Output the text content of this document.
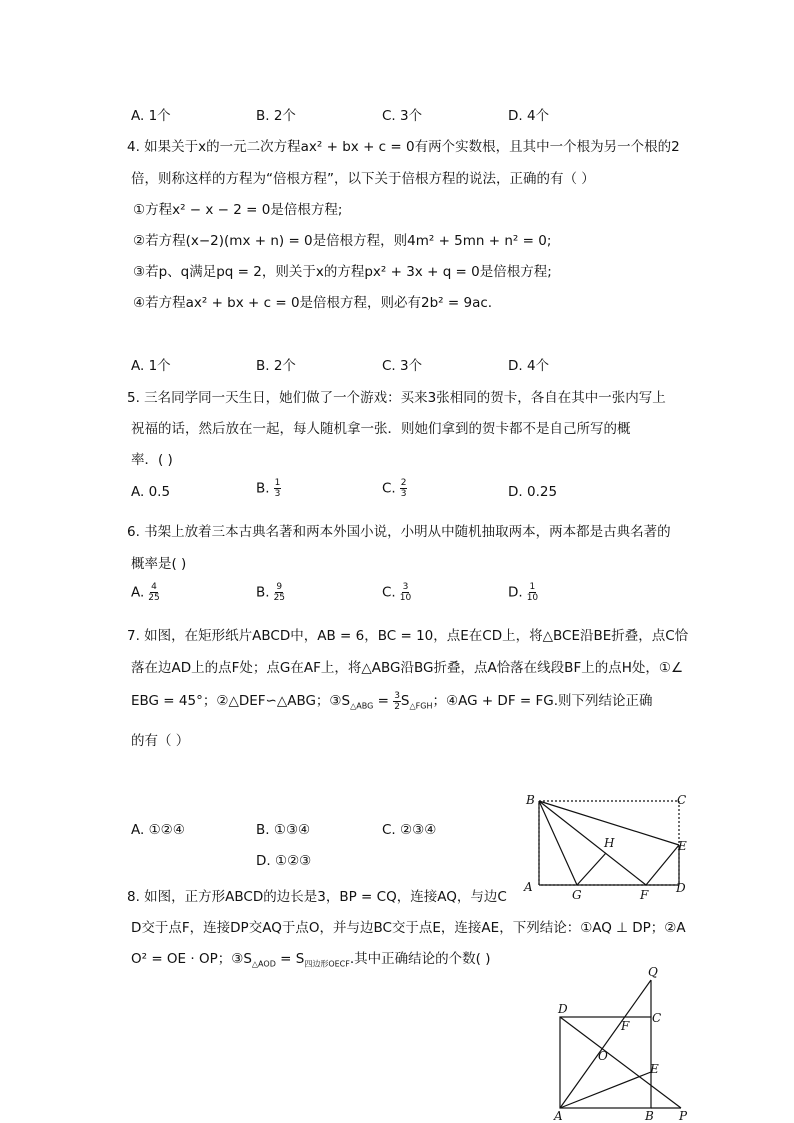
A. 1个	B. 2个	C. 3个	D. 4个
4. 如果关于x的一元二次方程ax² + bx + c = 0有两个实数根，且其中一个根为另一个根的2
倍，则称这样的方程为“倍根方程”，以下关于倍根方程的说法，正确的有（ ）
①方程x² − x − 2 = 0是倍根方程;
②若方程(x−2)(mx + n) = 0是倍根方程，则4m² + 5mn + n² = 0;
③若p、q满足pq = 2，则关于x的方程px² + 3x + q = 0是倍根方程;
④若方程ax² + bx + c = 0是倍根方程，则必有2b² = 9ac.
A. 1个	B. 2个	C. 3个	D. 4个
5. 三名同学同一天生日，她们做了一个游戏：买来3张相同的贺卡，各自在其中一张内写上
祝福的话，然后放在一起，每人随机拿一张．则她们拿到的贺卡都不是自己所写的概
率．( )
A. 0.5	B. $\frac{1}{3}$	C. $\frac{2}{3}$	D. 0.25
6. 书架上放着三本古典名著和两本外国小说，小明从中随机抽取两本，两本都是古典名著的
概率是( )
A. $\frac{4}{25}$	B. $\frac{9}{25}$	C. $\frac{3}{10}$	D. $\frac{1}{10}$
7. 如图，在矩形纸片ABCD中，AB = 6，BC = 10，点E在CD上，将△BCE沿BE折叠，点C恰
落在边AD上的点F处；点G在AF上，将△ABG沿BG折叠，点A恰落在线段BF上的点H处，①∠
EBG = 45°；②△DEF∽△ABG；$③S_{\triangle ABG} = \frac{3}{2} S_{\triangle FGH}$；④AG + DF = FG.则下列结论正确
的有（ ）
A. ①②④	B. ①③④	C. ②③④
D. ①②③
B	C
H	E
A
G	F D
8. 如图，正方形ABCD的边长是3，BP = CQ，连接AQ，与边C
D交于点F，连接DP交AQ于点O，并与边BC交于点E，连接AE，下列结论：①AQ ⊥ DP；②A
O² = OE · OP；$③S_{\triangle AOD} = S_{四边形OECF}$.其中正确结论的个数( )
Q
D
C
F
O
E
A	B P
